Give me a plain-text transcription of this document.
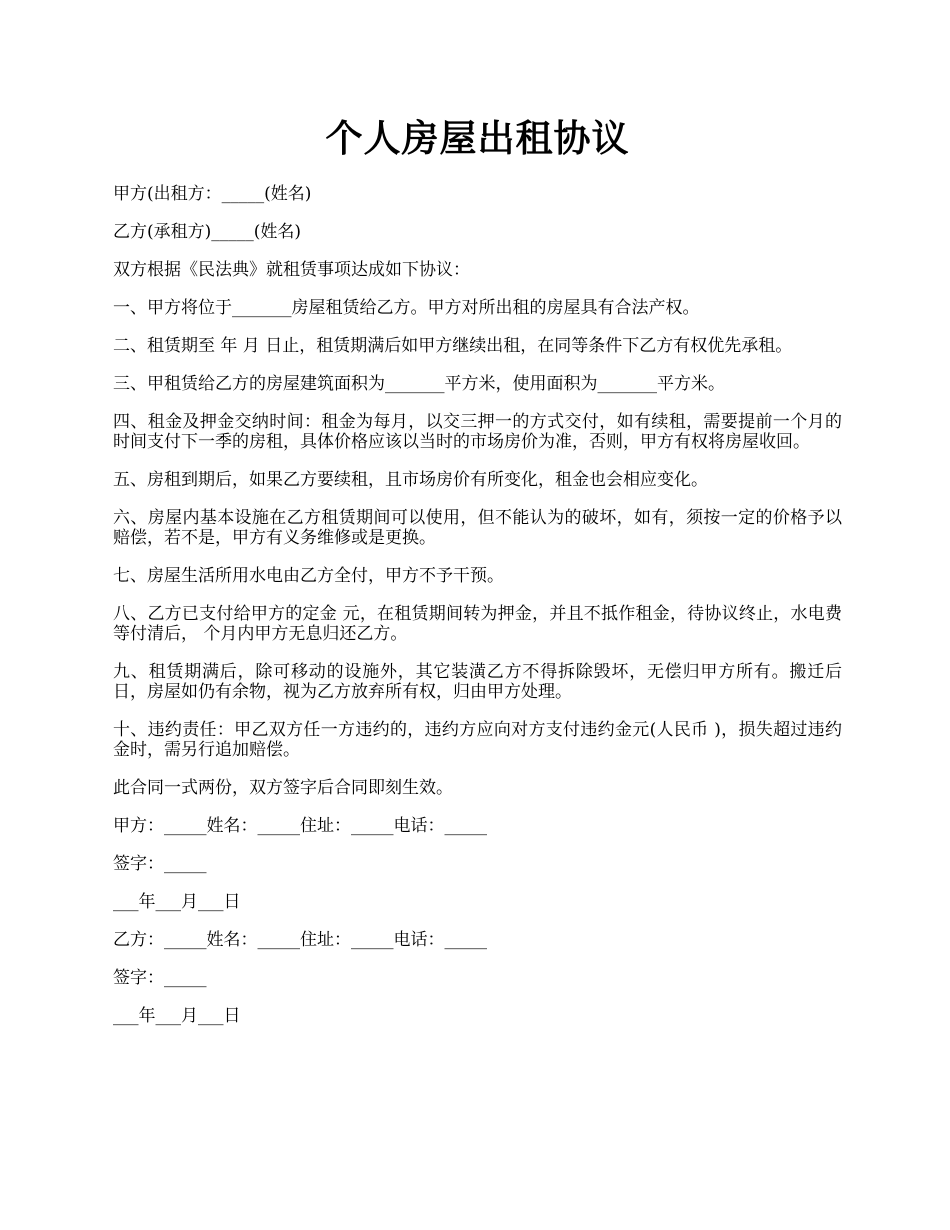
个人房屋出租协议

甲方(出租方：_____(姓名)

乙方(承租方)_____(姓名)

双方根据《民法典》就租赁事项达成如下协议：

一、甲方将位于_______房屋租赁给乙方。甲方对所出租的房屋具有合法产权。

二、租赁期至 年 月 日止，租赁期满后如甲方继续出租，在同等条件下乙方有权优先承租。

三、甲租赁给乙方的房屋建筑面积为_______平方米，使用面积为_______平方米。

四、租金及押金交纳时间：租金为每月，以交三押一的方式交付，如有续租，需要提前一个月的时间支付下一季的房租，具体价格应该以当时的市场房价为准，否则，甲方有权将房屋收回。

五、房租到期后，如果乙方要续租，且市场房价有所变化，租金也会相应变化。

六、房屋内基本设施在乙方租赁期间可以使用，但不能认为的破坏，如有，须按一定的价格予以赔偿，若不是，甲方有义务维修或是更换。

七、房屋生活所用水电由乙方全付，甲方不予干预。

八、乙方已支付给甲方的定金 元，在租赁期间转为押金，并且不抵作租金，待协议终止，水电费等付清后， 个月内甲方无息归还乙方。

九、租赁期满后，除可移动的设施外，其它装潢乙方不得拆除毁坏，无偿归甲方所有。搬迁后 日，房屋如仍有余物，视为乙方放弃所有权，归由甲方处理。

十、违约责任：甲乙双方任一方违约的，违约方应向对方支付违约金元(人民币 )，损失超过违约金时，需另行追加赔偿。

此合同一式两份，双方签字后合同即刻生效。

甲方：_____姓名：_____住址：_____电话：_____

签字：_____

___年___月___日

乙方：_____姓名：_____住址：_____电话：_____

签字：_____

___年___月___日
